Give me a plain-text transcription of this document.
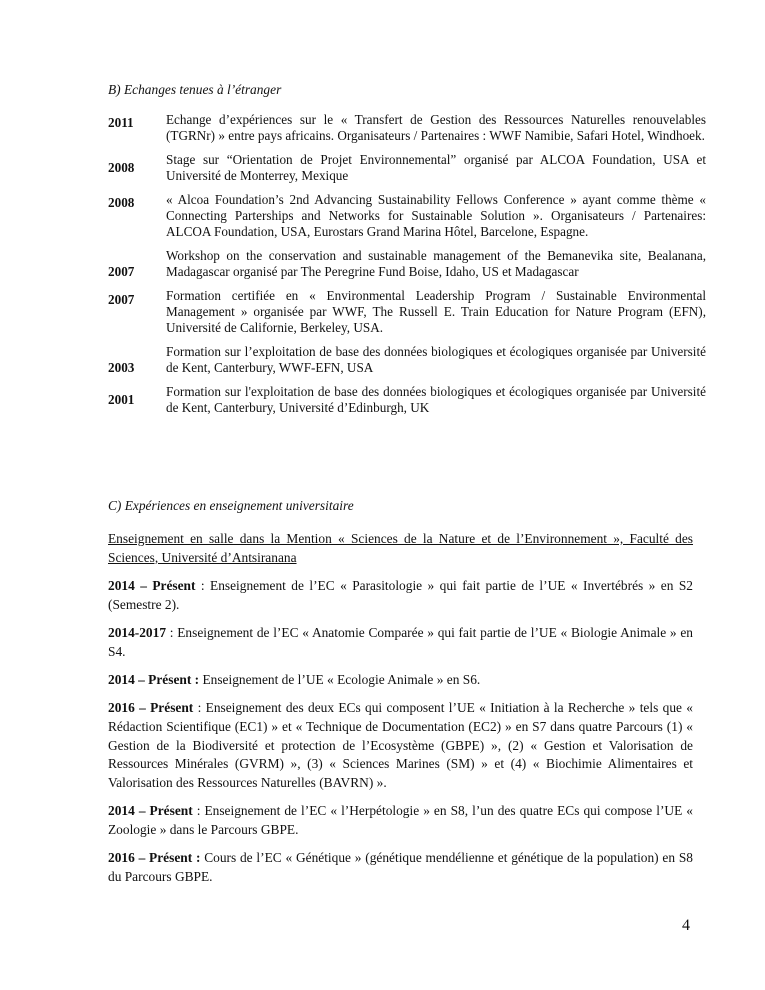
B) Echanges tenues à l’étranger
2011 Echange d’expériences sur le « Transfert de Gestion des Ressources Naturelles renouvelables (TGRNr) » entre pays africains. Organisateurs / Partenaires : WWF Namibie, Safari Hotel, Windhoek.
2008
Stage sur “Orientation de Projet Environnemental” organisé par ALCOA Foundation, USA et Université de Monterrey, Mexique
2008 « Alcoa Foundation’s 2nd Advancing Sustainability Fellows Conference » ayant comme thème « Connecting Parterships and Networks for Sustainable Solution ». Organisateurs / Partenaires: ALCOA Foundation, USA, Eurostars Grand Marina Hôtel, Barcelone, Espagne.
2007
Workshop on the conservation and sustainable management of the Bemanevika site, Bealanana, Madagascar organisé par The Peregrine Fund Boise, Idaho, US et Madagascar
2007 Formation certifiée en « Environmental Leadership Program / Sustainable Environmental Management » organisée par WWF, The Russell E. Train Education for Nature Program (EFN), Université de Californie, Berkeley, USA.
2003
Formation sur l’exploitation de base des données biologiques et écologiques organisée par Université de Kent, Canterbury, WWF-EFN, USA
2001
Formation sur l'exploitation de base des données biologiques et écologiques organisée par Université de Kent, Canterbury, Université d’Edinburgh, UK
C) Expériences en enseignement universitaire
Enseignement en salle dans la Mention « Sciences de la Nature et de l’Environnement », Faculté des Sciences, Université d’Antsiranana

2014 – Présent : Enseignement de l’EC « Parasitologie » qui fait partie de l’UE « Invertébrés » en S2 (Semestre 2).

2014-2017 : Enseignement de l’EC « Anatomie Comparée » qui fait partie de l’UE « Biologie Animale » en S4.

2014 – Présent : Enseignement de l’UE « Ecologie Animale » en S6.

2016 – Présent : Enseignement des deux ECs qui composent l’UE « Initiation à la Recherche » tels que « Rédaction Scientifique (EC1) » et « Technique de Documentation (EC2) » en S7 dans quatre Parcours (1) « Gestion de la Biodiversité et protection de l’Ecosystème (GBPE) », (2) « Gestion et Valorisation de Ressources Minérales (GVRM) », (3) « Sciences Marines (SM) » et (4) « Biochimie Alimentaires et Valorisation des Ressources Naturelles (BAVRN) ».

2014 – Présent : Enseignement de l’EC « l’Herpétologie » en S8, l’un des quatre ECs qui compose l’UE « Zoologie » dans le Parcours GBPE.

2016 – Présent : Cours de l’EC « Génétique » (génétique mendélienne et génétique de la population) en S8 du Parcours GBPE.

4
